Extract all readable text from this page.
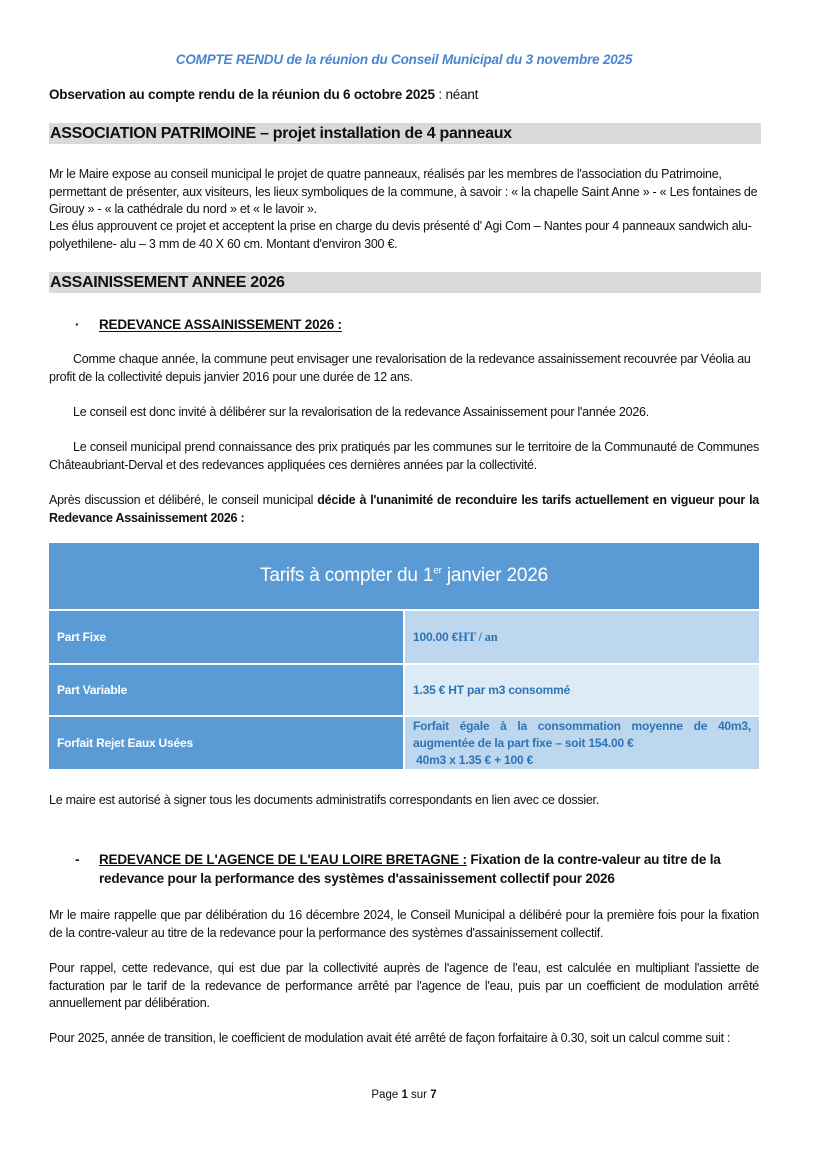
COMPTE RENDU de la réunion du Conseil Municipal du 3 novembre 2025
Observation au compte rendu de la réunion du 6 octobre 2025 : néant
ASSOCIATION PATRIMOINE – projet installation de 4 panneaux
Mr le Maire expose au conseil municipal le projet de quatre panneaux, réalisés par les membres de l'association du Patrimoine, permettant de présenter, aux visiteurs, les lieux symboliques de la commune, à savoir : « la chapelle Saint Anne » - « Les fontaines de Girouy » - « la cathédrale du nord » et « le lavoir ».
Les élus approuvent ce projet et acceptent la prise en charge du devis présenté d' Agi Com – Nantes pour 4 panneaux sandwich alu-polyethilene- alu – 3 mm de 40 X 60 cm. Montant d'environ 300 €.
ASSAINISSEMENT ANNEE 2026
· REDEVANCE ASSAINISSEMENT 2026 :
Comme chaque année, la commune peut envisager une revalorisation de la redevance assainissement recouvrée par Véolia au profit de la collectivité depuis janvier 2016 pour une durée de 12 ans.
Le conseil est donc invité à délibérer sur la revalorisation de la redevance Assainissement pour l'année 2026.
Le conseil municipal prend connaissance des prix pratiqués par les communes sur le territoire de la Communauté de Communes Châteaubriant-Derval et des redevances appliquées ces dernières années par la collectivité.
Après discussion et délibéré, le conseil municipal décide à l'unanimité de reconduire les tarifs actuellement en vigueur pour la Redevance Assainissement 2026 :
Tarifs à compter du 1er janvier 2026	
Part Fixe	100.00 €HT / an
Part Variable	1.35 € HT par m3 consommé
Forfait Rejet Eaux Usées	Forfait égale à la consommation moyenne de 40m3, augmentée de la part fixe – soit 154.00 €
40m3 x 1.35 € + 100 €
Le maire est autorisé à signer tous les documents administratifs correspondants en lien avec ce dossier.
- REDEVANCE DE L'AGENCE DE L'EAU LOIRE BRETAGNE : Fixation de la contre-valeur au titre de la redevance pour la performance des systèmes d'assainissement collectif pour 2026
Mr le maire rappelle que par délibération du 16 décembre 2024, le Conseil Municipal a délibéré pour la première fois pour la fixation de la contre-valeur au titre de la redevance pour la performance des systèmes d'assainissement collectif.
Pour rappel, cette redevance, qui est due par la collectivité auprès de l'agence de l'eau, est calculée en multipliant l'assiette de facturation par le tarif de la redevance de performance arrêté par l'agence de l'eau, puis par un coefficient de modulation arrêté annuellement par délibération.
Pour 2025, année de transition, le coefficient de modulation avait été arrêté de façon forfaitaire à 0.30, soit un calcul comme suit :
Page 1 sur 7
